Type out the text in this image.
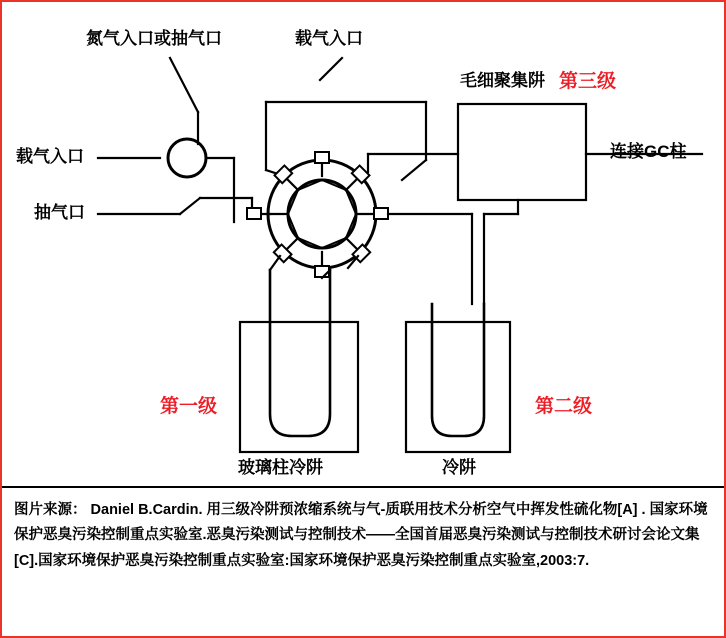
氮气入口或抽气口	载气入口
载气入口
抽气口
毛细聚集阱 第三级
连接GC柱
第一级	第二级
玻璃柱冷阱	冷阱
图片来源： Daniel B.Cardin. 用三级冷阱预浓缩系统与气-质联用技术分析空气中挥发性硫化物[A] . 国家环境保护恶臭污染控制重点实验室.恶臭污染测试与控制技术——全国首届恶臭污染测试与控制技术研讨会论文集[C].国家环境保护恶臭污染控制重点实验室:国家环境保护恶臭污染控制重点实验室,2003:7.
